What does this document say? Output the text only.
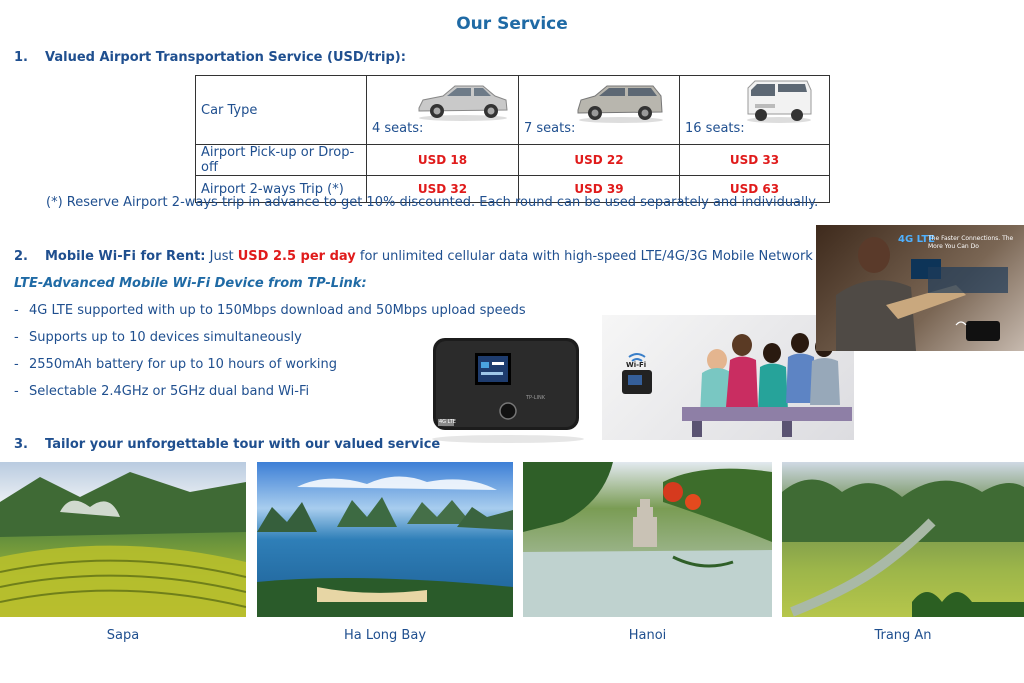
Our Service
1. Valued Airport Transportation Service (USD/trip):
Car Type	4 seats:	7 seats:	16 seats:
Airport Pick-up or Drop-off	USD 18	USD 22	USD 33
Airport 2-ways Trip (*)	USD 32	USD 39	USD 63
(*) Reserve Airport 2-ways trip in advance to get 10% discounted. Each round can be used separately and individually.
2. Mobile Wi-Fi for Rent: Just USD 2.5 per day for unlimited cellular data with high-speed LTE/4G/3G Mobile Network
LTE-Advanced Mobile Wi-Fi Device from TP-Link:
- 4G LTE supported with up to 150Mbps download and 50Mbps upload speeds
- Supports up to 10 devices simultaneously
- 2550mAh battery for up to 10 hours of working
- Selectable 2.4GHz or 5GHz dual band Wi-Fi	TP-LINK
4G LTE
Wi-Fi
4G LTE
The Faster Connections. The More You Can Do
3. Tailor your unforgettable tour with our valued service
Sapa	Ha Long Bay	Hanoi	Trang An
